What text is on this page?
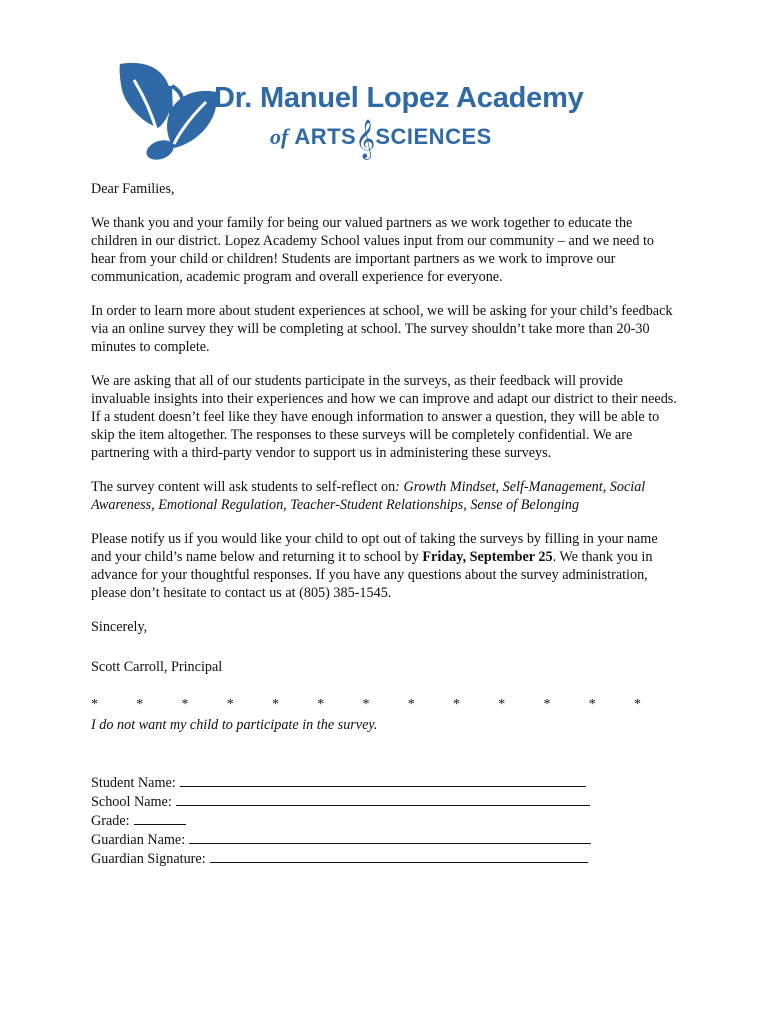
Dr. Manuel Lopez Academy
of ARTS 𝄞 SCIENCES

Dear Families,

We thank you and your family for being our valued partners as we work together to educate the children in our district. Lopez Academy School values input from our community – and we need to hear from your child or children! Students are important partners as we work to improve our communication, academic program and overall experience for everyone.

In order to learn more about student experiences at school, we will be asking for your child’s feedback via an online survey they will be completing at school. The survey shouldn’t take more than 20-30 minutes to complete.

We are asking that all of our students participate in the surveys, as their feedback will provide invaluable insights into their experiences and how we can improve and adapt our district to their needs. If a student doesn’t feel like they have enough information to answer a question, they will be able to skip the item altogether. The responses to these surveys will be completely confidential. We are partnering with a third-party vendor to support us in administering these surveys.

The survey content will ask students to self-reflect on: Growth Mindset, Self-Management, Social Awareness, Emotional Regulation, Teacher-Student Relationships, Sense of Belonging

Please notify us if you would like your child to opt out of taking the surveys by filling in your name and your child’s name below and returning it to school by Friday, September 25. We thank you in advance for your thoughtful responses. If you have any questions about the survey administration, please don’t hesitate to contact us at (805) 385-1545.

Sincerely,

Scott Carroll, Principal

*	*	*	*	*	*	*	*	*	*	*	*	*

I do not want my child to participate in the survey.

Student Name:
School Name:
Grade:
Guardian Name:
Guardian Signature:
